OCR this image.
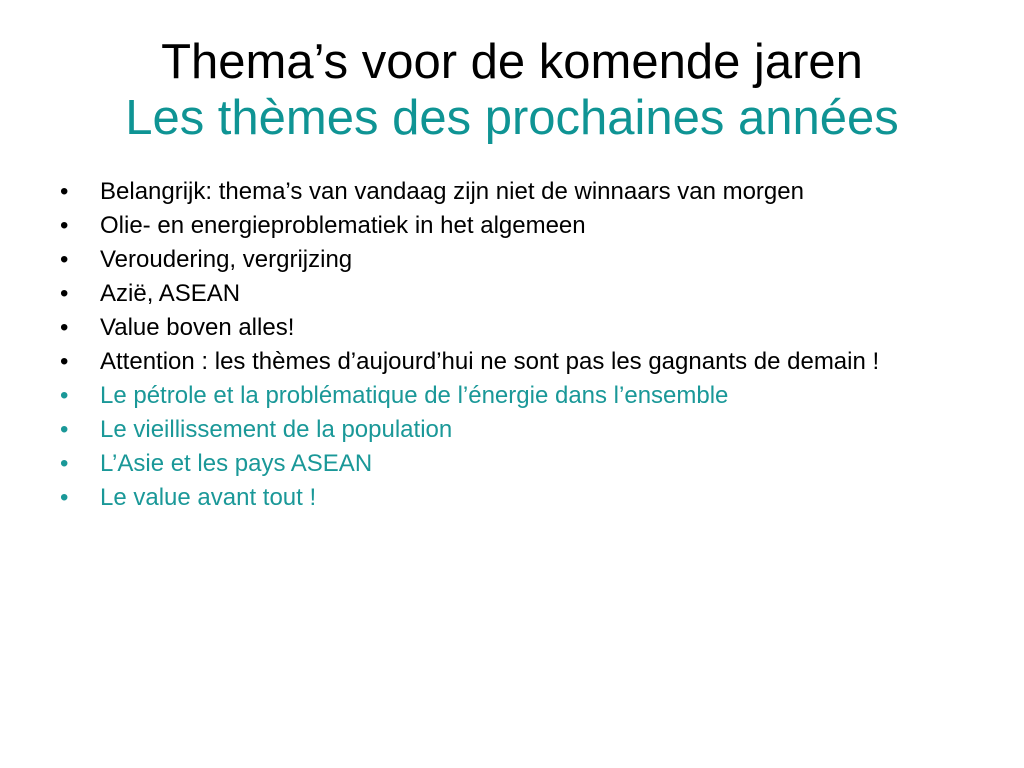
Thema’s voor de komende jaren
Les thèmes des prochaines années
•	Belangrijk: thema’s van vandaag zijn niet de winnaars van morgen
•	Olie- en energieproblematiek in het algemeen
•	Veroudering, vergrijzing
•	Azië, ASEAN
•	Value boven alles!
•	Attention : les thèmes d’aujourd’hui ne sont pas les gagnants de demain !
•	Le pétrole et la problématique de l’énergie dans l’ensemble
•	Le vieillissement de la population
•	L’Asie et les pays ASEAN
•	Le value avant tout !
